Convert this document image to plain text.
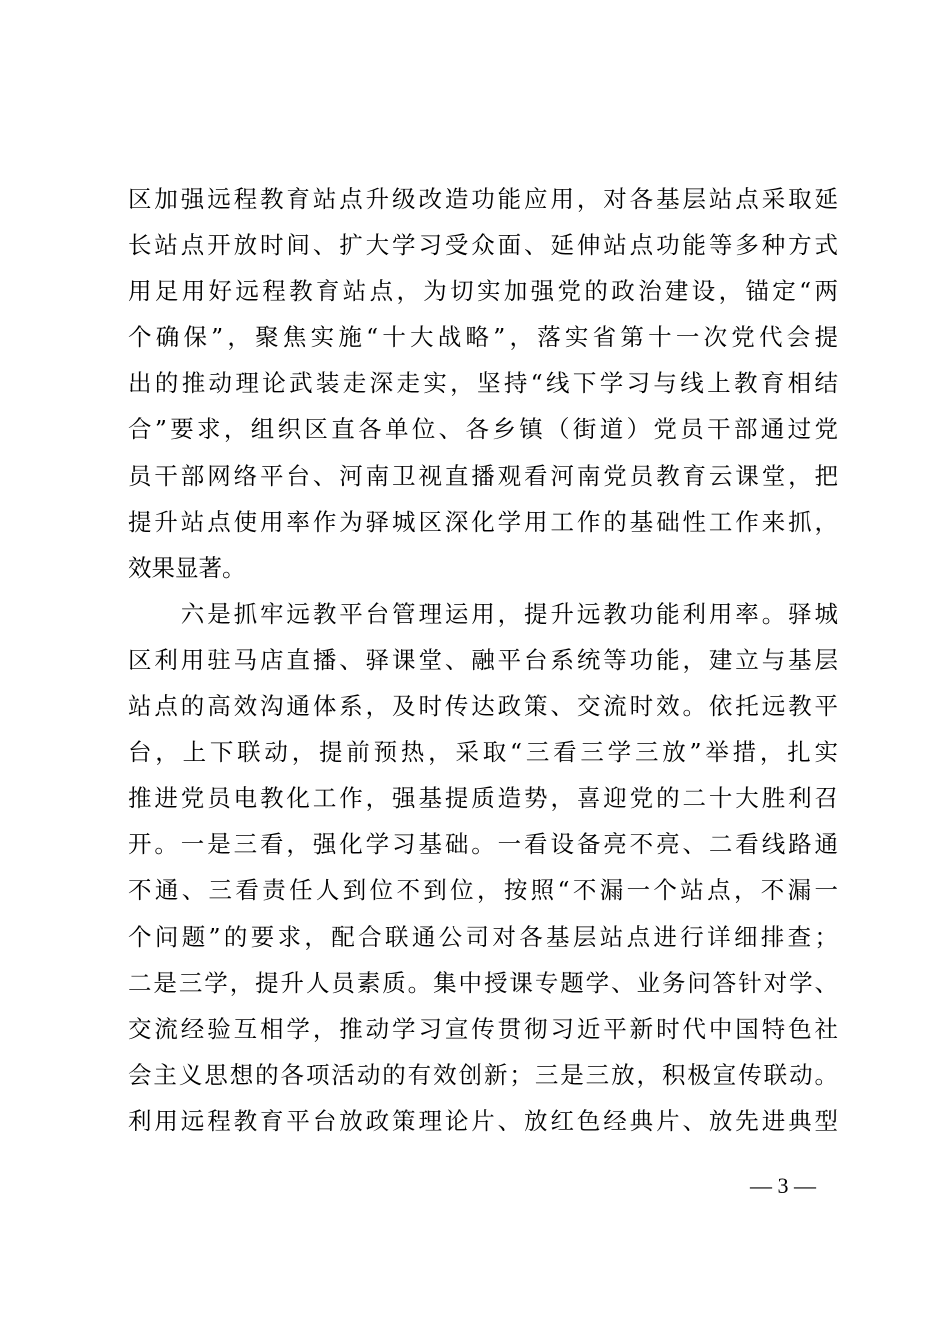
区加强远程教育站点升级改造功能应用，对各基层站点采取延
长站点开放时间、扩大学习受众面、延伸站点功能等多种方式
用足用好远程教育站点，为切实加强党的政治建设，锚定“两
个确保”，聚焦实施“十大战略”，落实省第十一次党代会提
出的推动理论武装走深走实，坚持“线下学习与线上教育相结
合”要求，组织区直各单位、各乡镇（街道）党员干部通过党
员干部网络平台、河南卫视直播观看河南党员教育云课堂，把
提升站点使用率作为驿城区深化学用工作的基础性工作来抓，
效果显著。
　　六是抓牢远教平台管理运用，提升远教功能利用率。驿城
区利用驻马店直播、驿课堂、融平台系统等功能，建立与基层
站点的高效沟通体系，及时传达政策、交流时效。依托远教平
台，上下联动，提前预热，采取“三看三学三放”举措，扎实
推进党员电教化工作，强基提质造势，喜迎党的二十大胜利召
开。一是三看，强化学习基础。一看设备亮不亮、二看线路通
不通、三看责任人到位不到位，按照“不漏一个站点，不漏一
个问题”的要求，配合联通公司对各基层站点进行详细排查；
二是三学，提升人员素质。集中授课专题学、业务问答针对学、
交流经验互相学，推动学习宣传贯彻习近平新时代中国特色社
会主义思想的各项活动的有效创新；三是三放，积极宣传联动。
利用远程教育平台放政策理论片、放红色经典片、放先进典型
— 3 —
